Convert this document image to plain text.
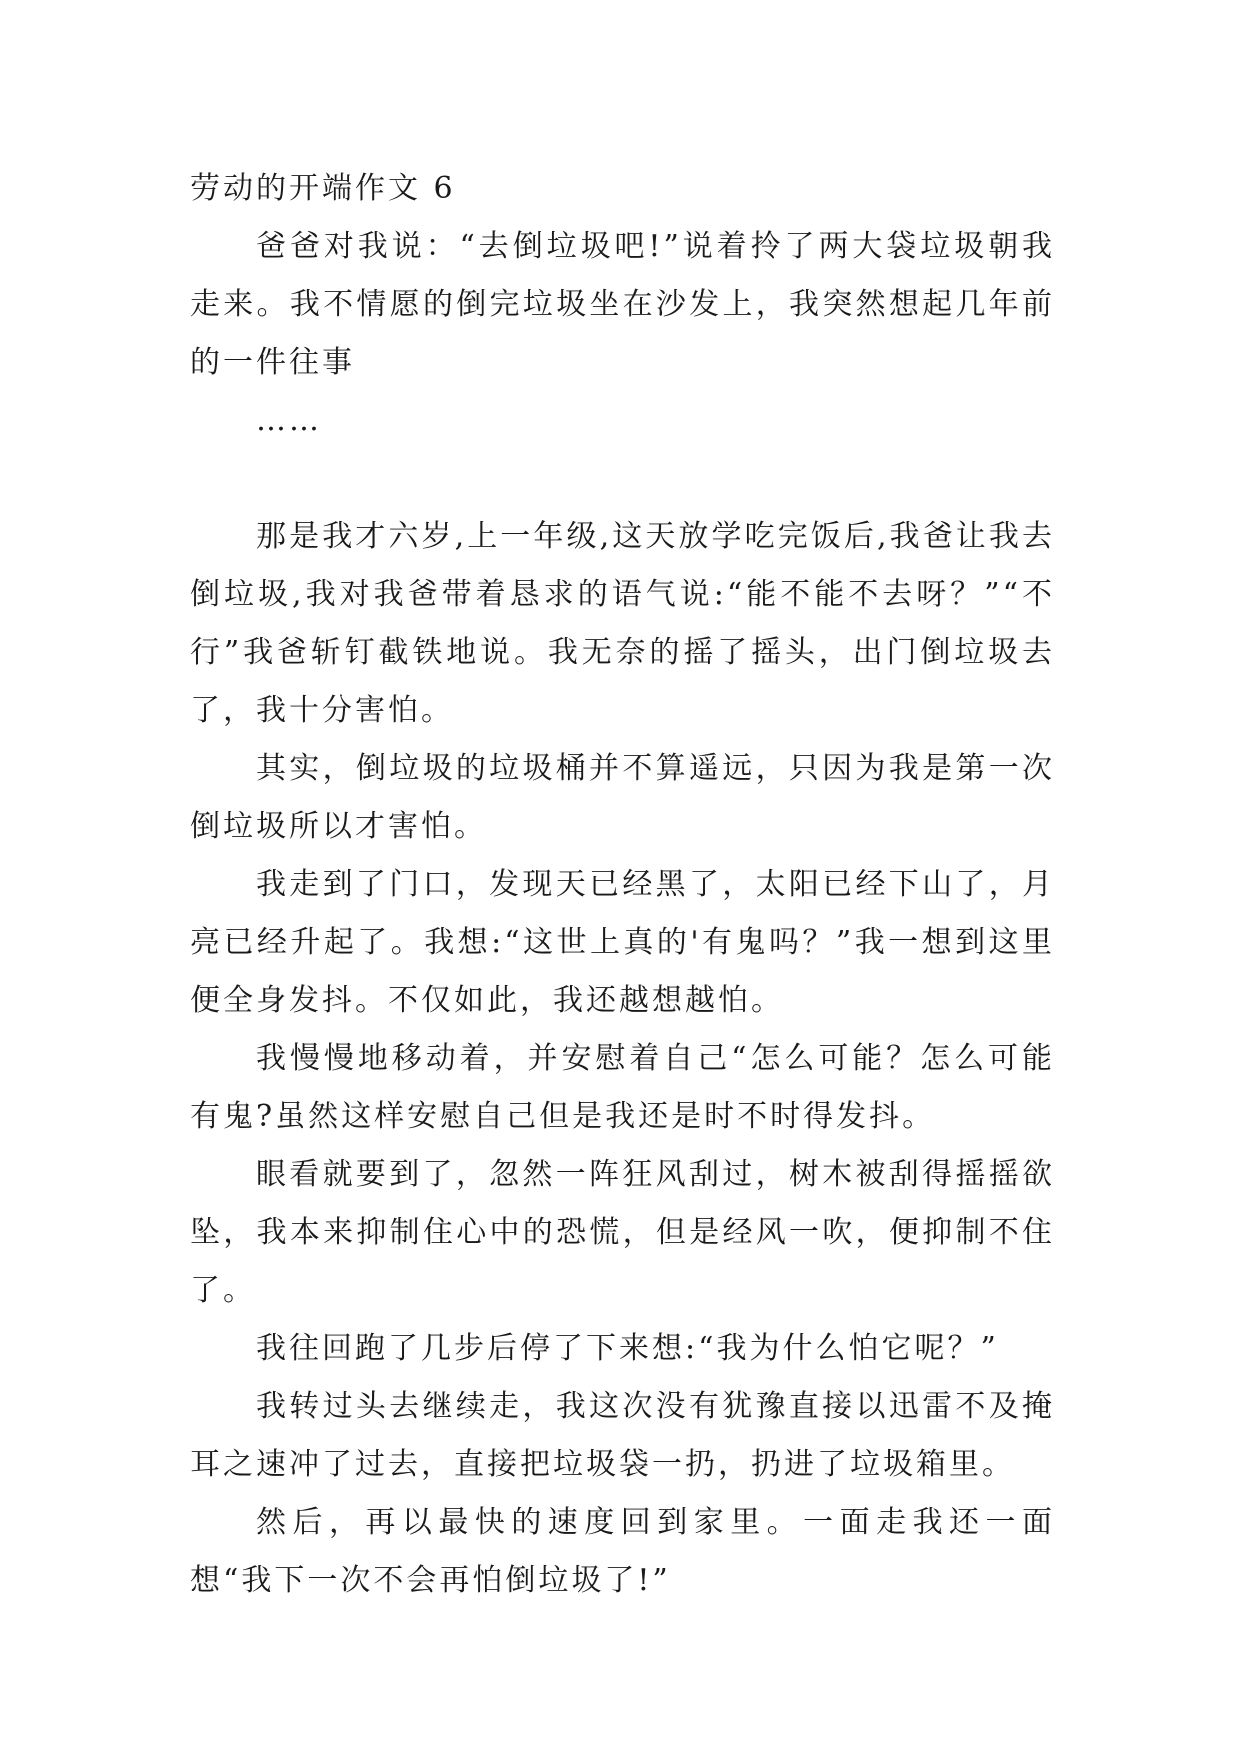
劳动的开端作文 6

爸爸对我说：“去倒垃圾吧!”说着拎了两大袋垃圾朝我走来。我不情愿的倒完垃圾坐在沙发上，我突然想起几年前的一件往事

……

那是我才六岁,上一年级,这天放学吃完饭后,我爸让我去倒垃圾,我对我爸带着恳求的语气说:“能不能不去呀？”“不行”我爸斩钉截铁地说。我无奈的摇了摇头，出门倒垃圾去了，我十分害怕。

其实，倒垃圾的垃圾桶并不算遥远，只因为我是第一次倒垃圾所以才害怕。

我走到了门口，发现天已经黑了，太阳已经下山了，月亮已经升起了。我想:“这世上真的'有鬼吗？”我一想到这里便全身发抖。不仅如此，我还越想越怕。

我慢慢地移动着，并安慰着自己“怎么可能？怎么可能有鬼?虽然这样安慰自己但是我还是时不时得发抖。

眼看就要到了，忽然一阵狂风刮过，树木被刮得摇摇欲坠，我本来抑制住心中的恐慌，但是经风一吹，便抑制不住了。

我往回跑了几步后停了下来想:“我为什么怕它呢？”

我转过头去继续走，我这次没有犹豫直接以迅雷不及掩耳之速冲了过去，直接把垃圾袋一扔，扔进了垃圾箱里。

然后，再以最快的速度回到家里。一面走我还一面想“我下一次不会再怕倒垃圾了!”
